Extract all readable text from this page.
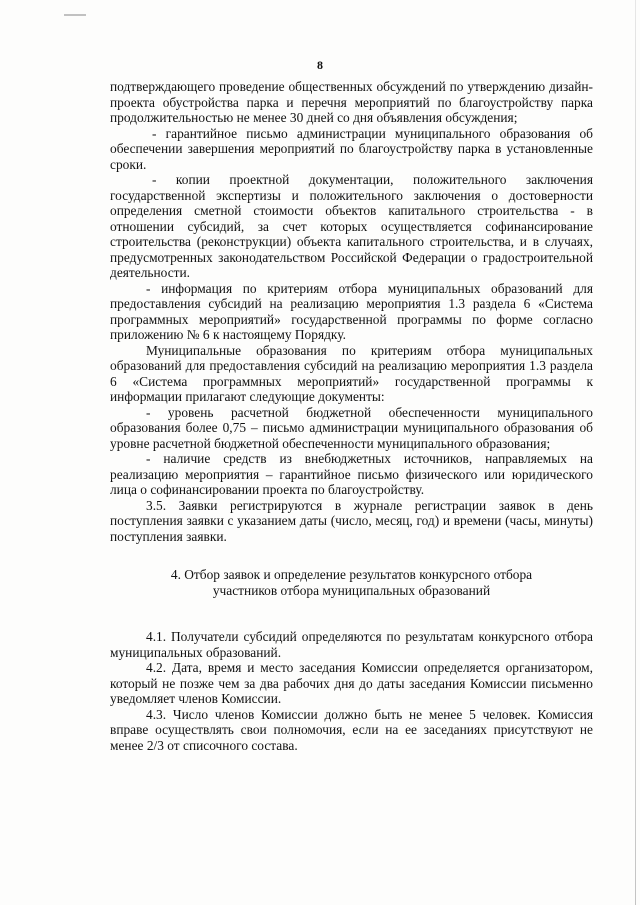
8

подтверждающего проведение общественных обсуждений по утверждению дизайн-проекта обустройства парка и перечня мероприятий по благоустройству парка продолжительностью не менее 30 дней со дня объявления обсуждения;

- гарантийное письмо администрации муниципального образования об обеспечении завершения мероприятий по благоустройству парка в установленные сроки.

- копии проектной документации, положительного заключения государственной экспертизы и положительного заключения о достоверности определения сметной стоимости объектов капитального строительства - в отношении субсидий, за счет которых осуществляется софинансирование строительства (реконструкции) объекта капитального строительства, и в случаях, предусмотренных законодательством Российской Федерации о градостроительной деятельности.

- информация по критериям отбора муниципальных образований для предоставления субсидий на реализацию мероприятия 1.3 раздела 6 «Система программных мероприятий» государственной программы по форме согласно приложению № 6 к настоящему Порядку.

Муниципальные образования по критериям отбора муниципальных образований для предоставления субсидий на реализацию мероприятия 1.3 раздела 6 «Система программных мероприятий» государственной программы к информации прилагают следующие документы:

- уровень расчетной бюджетной обеспеченности муниципального образования более 0,75 – письмо администрации муниципального образования об уровне расчетной бюджетной обеспеченности муниципального образования;

- наличие средств из внебюджетных источников, направляемых на реализацию мероприятия – гарантийное письмо физического или юридического лица о софинансировании проекта по благоустройству.

3.5. Заявки регистрируются в журнале регистрации заявок в день поступления заявки с указанием даты (число, месяц, год) и времени (часы, минуты) поступления заявки.

4. Отбор заявок и определение результатов конкурсного отбора участников отбора муниципальных образований

4.1. Получатели субсидий определяются по результатам конкурсного отбора муниципальных образований.

4.2. Дата, время и место заседания Комиссии определяется организатором, который не позже чем за два рабочих дня до даты заседания Комиссии письменно уведомляет членов Комиссии.

4.3. Число членов Комиссии должно быть не менее 5 человек. Комиссия вправе осуществлять свои полномочия, если на ее заседаниях присутствуют не менее 2/3 от списочного состава.
